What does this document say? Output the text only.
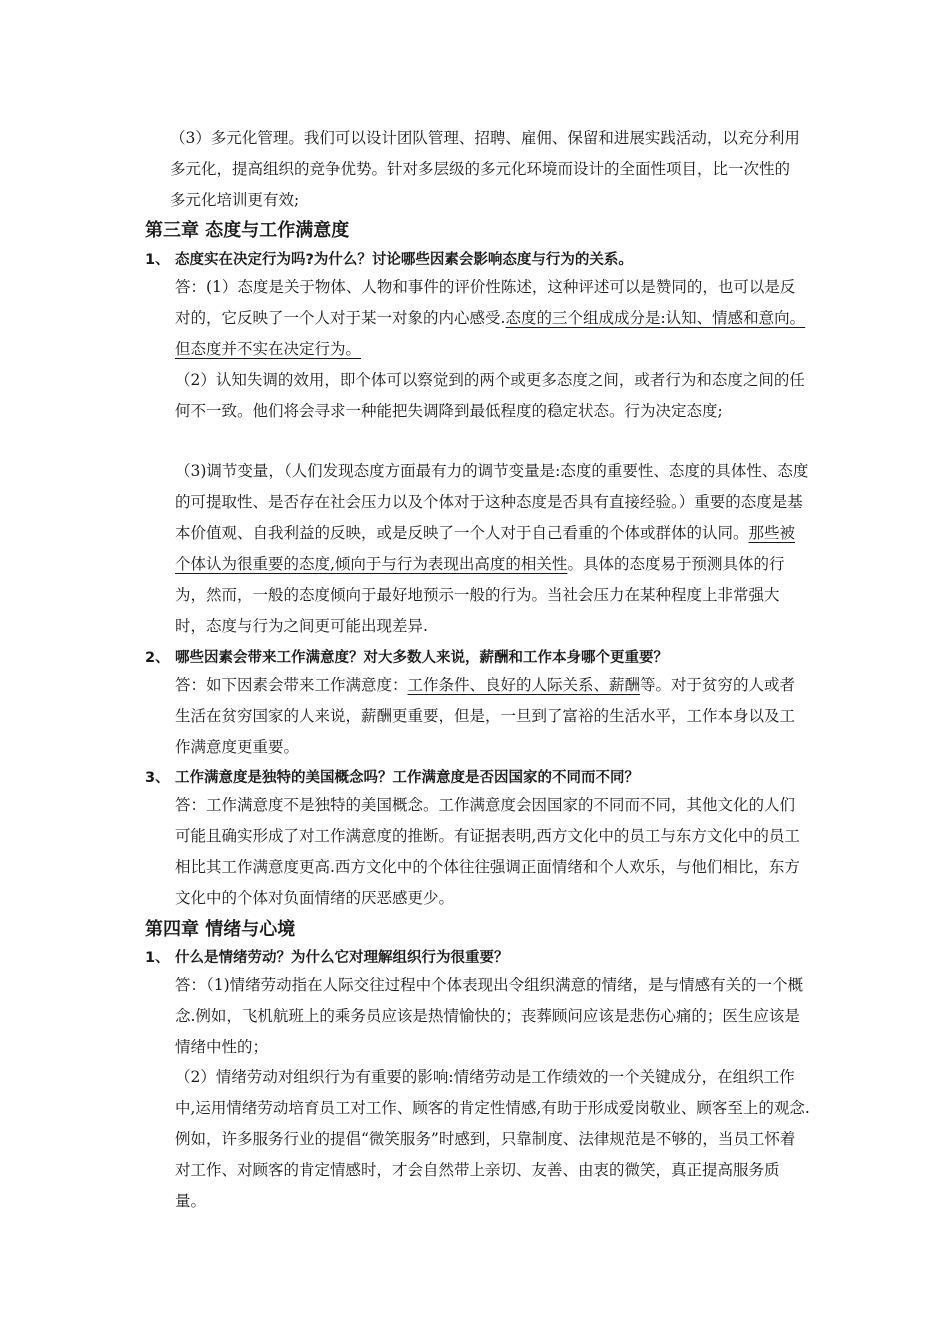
（3）多元化管理。我们可以设计团队管理、招聘、雇佣、保留和进展实践活动，以充分利用多元化，提高组织的竞争优势。针对多层级的多元化环境而设计的全面性项目，比一次性的多元化培训更有效;

第三章 态度与工作满意度
1、 态度实在决定行为吗?为什么？讨论哪些因素会影响态度与行为的关系。

答：(1）态度是关于物体、人物和事件的评价性陈述，这种评述可以是赞同的，也可以是反对的，它反映了一个人对于某一对象的内心感受.态度的三个组成成分是:认知、情感和意向。但态度并不实在决定行为。

（2）认知失调的效用，即个体可以察觉到的两个或更多态度之间，或者行为和态度之间的任何不一致。他们将会寻求一种能把失调降到最低程度的稳定状态。行为决定态度;

（3)调节变量，（人们发现态度方面最有力的调节变量是:态度的重要性、态度的具体性、态度的可提取性、是否存在社会压力以及个体对于这种态度是否具有直接经验。）重要的态度是基本价值观、自我利益的反映，或是反映了一个人对于自己看重的个体或群体的认同。那些被个体认为很重要的态度,倾向于与行为表现出高度的相关性。具体的态度易于预测具体的行为，然而，一般的态度倾向于最好地预示一般的行为。当社会压力在某种程度上非常强大时，态度与行为之间更可能出现差异.

2、 哪些因素会带来工作满意度？对大多数人来说，薪酬和工作本身哪个更重要？

答：如下因素会带来工作满意度：工作条件、良好的人际关系、薪酬等。对于贫穷的人或者生活在贫穷国家的人来说，薪酬更重要，但是，一旦到了富裕的生活水平，工作本身以及工作满意度更重要。

3、 工作满意度是独特的美国概念吗？工作满意度是否因国家的不同而不同？

答：工作满意度不是独特的美国概念。工作满意度会因国家的不同而不同，其他文化的人们可能且确实形成了对工作满意度的推断。有证据表明,西方文化中的员工与东方文化中的员工相比其工作满意度更高.西方文化中的个体往往强调正面情绪和个人欢乐，与他们相比，东方文化中的个体对负面情绪的厌恶感更少。

第四章 情绪与心境
1、 什么是情绪劳动？为什么它对理解组织行为很重要？

答：（1)情绪劳动指在人际交往过程中个体表现出令组织满意的情绪，是与情感有关的一个概念.例如，飞机航班上的乘务员应该是热情愉快的；丧葬顾问应该是悲伤心痛的；医生应该是情绪中性的；

（2）情绪劳动对组织行为有重要的影响:情绪劳动是工作绩效的一个关键成分，在组织工作中,运用情绪劳动培育员工对工作、顾客的肯定性情感,有助于形成爱岗敬业、顾客至上的观念.例如，许多服务行业的提倡“微笑服务”时感到，只靠制度、法律规范是不够的，当员工怀着对工作、对顾客的肯定情感时，才会自然带上亲切、友善、由衷的微笑，真正提高服务质量。
